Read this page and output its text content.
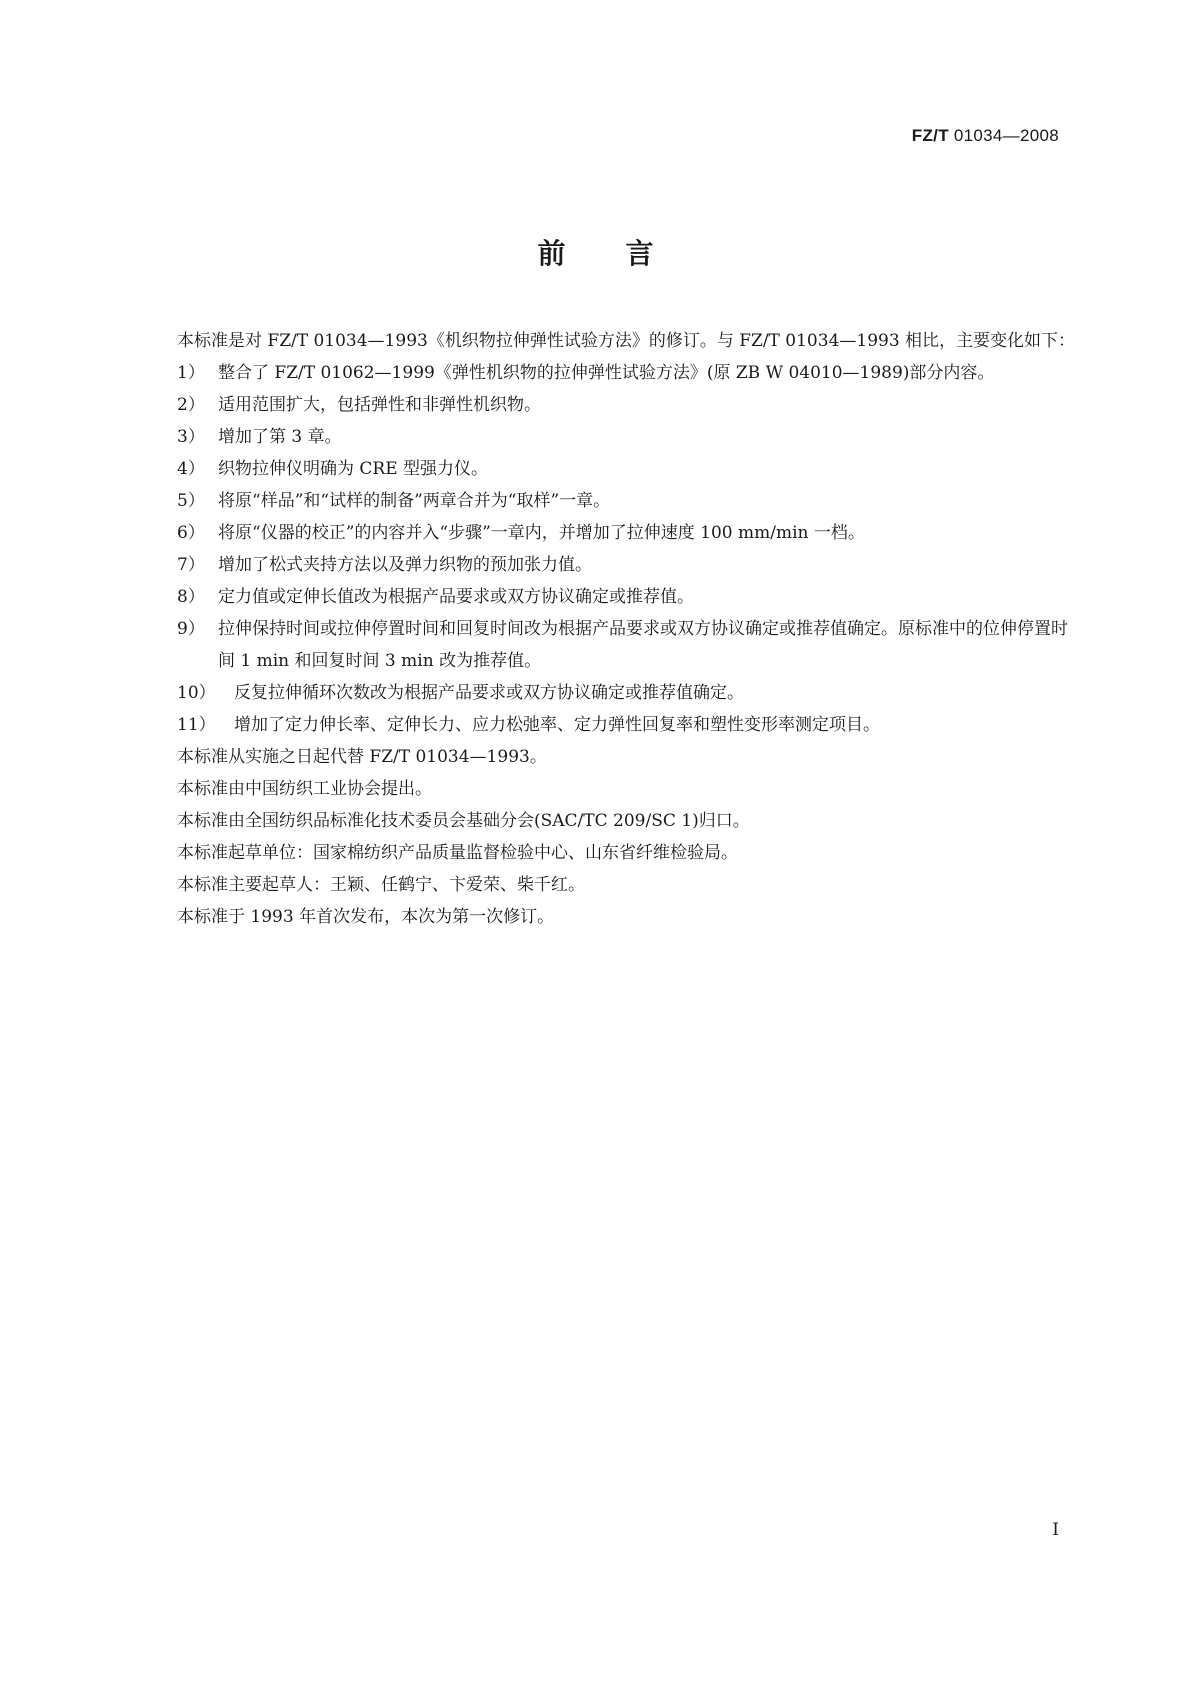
FZ/T 01034—2008
前言

本标准是对 FZ/T 01034—1993《机织物拉伸弹性试验方法》的修订。与 FZ/T 01034—1993 相比，主要变化如下：

1） 整合了 FZ/T 01062—1999《弹性机织物的拉伸弹性试验方法》(原 ZB W 04010—1989)部分内容。
2） 适用范围扩大，包括弹性和非弹性机织物。
3） 增加了第 3 章。
4） 织物拉伸仪明确为 CRE 型强力仪。
5） 将原“样品”和“试样的制备”两章合并为“取样”一章。
6） 将原“仪器的校正”的内容并入“步骤”一章内，并增加了拉伸速度 100 mm/min 一档。
7） 增加了松式夹持方法以及弹力织物的预加张力值。
8） 定力值或定伸长值改为根据产品要求或双方协议确定或推荐值。
9） 拉伸保持时间或拉伸停置时间和回复时间改为根据产品要求或双方协议确定或推荐值确定。原标准中的位伸停置时间 1 min 和回复时间 3 min 改为推荐值。
10） 反复拉伸循环次数改为根据产品要求或双方协议确定或推荐值确定。
11） 增加了定力伸长率、定伸长力、应力松弛率、定力弹性回复率和塑性变形率测定项目。

本标准从实施之日起代替 FZ/T 01034—1993。

本标准由中国纺织工业协会提出。

本标准由全国纺织品标准化技术委员会基础分会(SAC/TC 209/SC 1)归口。

本标准起草单位：国家棉纺织产品质量监督检验中心、山东省纤维检验局。

本标准主要起草人：王颖、任鹤宁、卞爱荣、柴千红。

本标准于 1993 年首次发布，本次为第一次修订。

I
